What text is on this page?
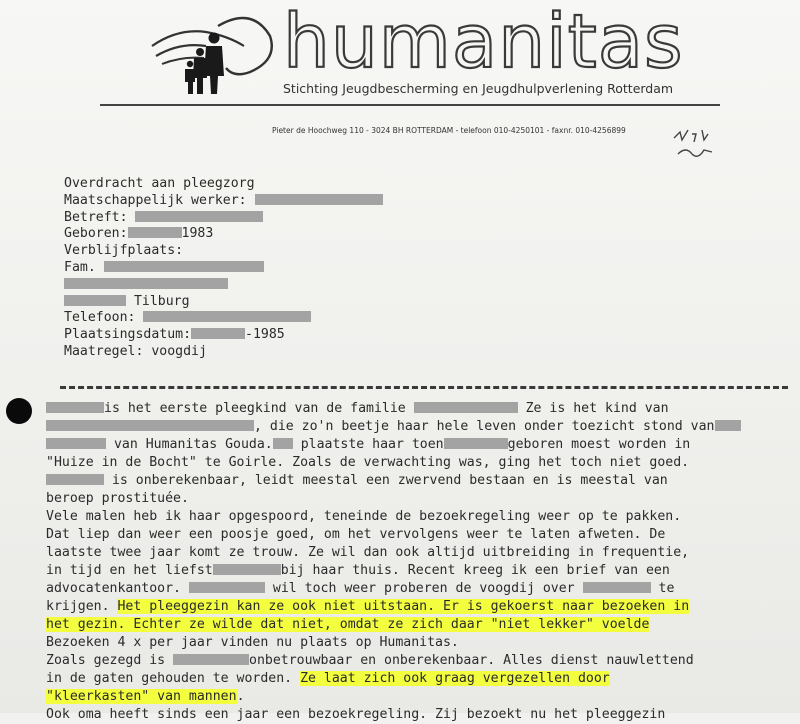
humanitas
Stichting Jeugdbescherming en Jeugdhulpverlening Rotterdam
Pieter de Hoochweg 110 - 3024 BH ROTTERDAM - telefoon 010-4250101 - faxnr. 010-4256899
Overdracht aan pleegzorg
Maatschappelijk werker:
Betreft:
Geboren:	1983
Verblijfplaats:
Fam.
Tilburg
Telefoon:
Plaatsingsdatum:	-1985
Maatregel: voogdij
is het eerste pleegkind van de familie	Ze is het kind van
, die zo'n beetje haar hele leven onder toezicht stond van
van Humanitas Gouda. plaatste haar toen	geboren moest worden in
"Huize in de Bocht" te Goirle. Zoals de verwachting was, ging het toch niet goed.
is onberekenbaar, leidt meestal een zwervend bestaan en is meestal van
beroep prostituée.
Vele malen heb ik haar opgespoord, teneinde de bezoekregeling weer op te pakken.
Dat liep dan weer een poosje goed, om het vervolgens weer te laten afweten. De
laatste twee jaar komt ze trouw. Ze wil dan ook altijd uitbreiding in frequentie,
in tijd en het liefst	bij haar thuis. Recent kreeg ik een brief van een
advocatenkantoor.	wil toch weer proberen de voogdij over	te
krijgen. Het pleeggezin kan ze ook niet uitstaan. Er is gekoerst naar bezoeken in
het gezin. Echter ze wilde dat niet, omdat ze zich daar "niet lekker" voelde
Bezoeken 4 x per jaar vinden nu plaats op Humanitas.
Zoals gezegd is	onbetrouwbaar en onberekenbaar. Alles dienst nauwlettend
in de gaten gehouden te worden. Ze laat zich ook graag vergezellen door
"kleerkasten" van mannen.
Ook oma heeft sinds een jaar een bezoekregeling. Zij bezoekt nu het pleeggezin
